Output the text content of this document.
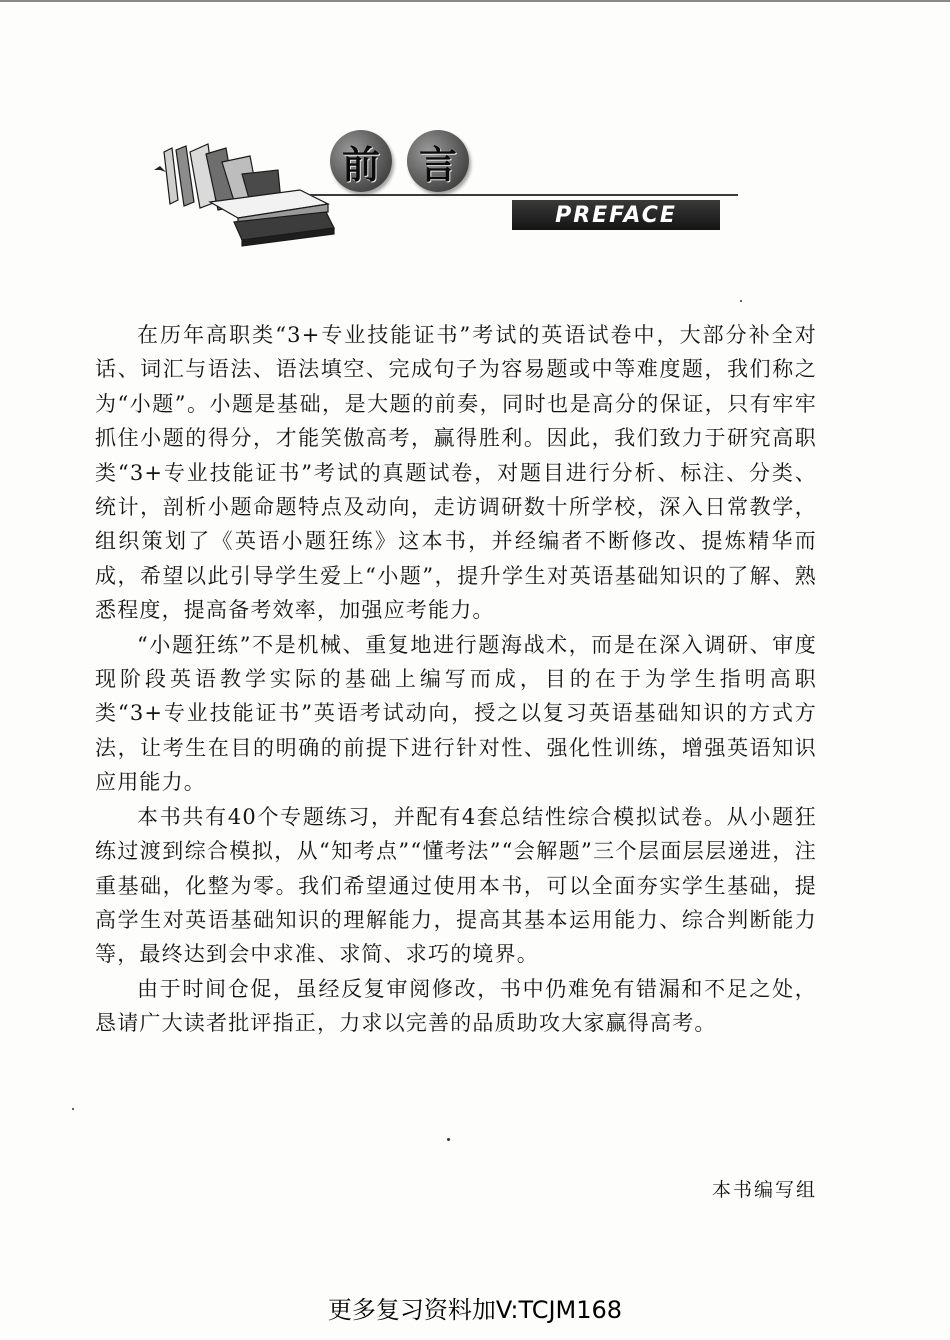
前 言
PREFACE

在历年高职类“3+专业技能证书”考试的英语试卷中，大部分补全对话、词汇与语法、语法填空、完成句子为容易题或中等难度题，我们称之为“小题”。小题是基础，是大题的前奏，同时也是高分的保证，只有牢牢抓住小题的得分，才能笑傲高考，赢得胜利。因此，我们致力于研究高职类“3+专业技能证书”考试的真题试卷，对题目进行分析、标注、分类、统计，剖析小题命题特点及动向，走访调研数十所学校，深入日常教学，组织策划了《英语小题狂练》这本书，并经编者不断修改、提炼精华而成，希望以此引导学生爱上“小题”，提升学生对英语基础知识的了解、熟悉程度，提高备考效率，加强应考能力。

“小题狂练”不是机械、重复地进行题海战术，而是在深入调研、审度现阶段英语教学实际的基础上编写而成，目的在于为学生指明高职类“3+专业技能证书”英语考试动向，授之以复习英语基础知识的方式方法，让考生在目的明确的前提下进行针对性、强化性训练，增强英语知识应用能力。

本书共有40个专题练习，并配有4套总结性综合模拟试卷。从小题狂练过渡到综合模拟，从“知考点”“懂考法”“会解题”三个层面层层递进，注重基础，化整为零。我们希望通过使用本书，可以全面夯实学生基础，提高学生对英语基础知识的理解能力，提高其基本运用能力、综合判断能力等，最终达到会中求准、求简、求巧的境界。

由于时间仓促，虽经反复审阅修改，书中仍难免有错漏和不足之处，恳请广大读者批评指正，力求以完善的品质助攻大家赢得高考。

本书编写组
更多复习资料加V:TCJM168
